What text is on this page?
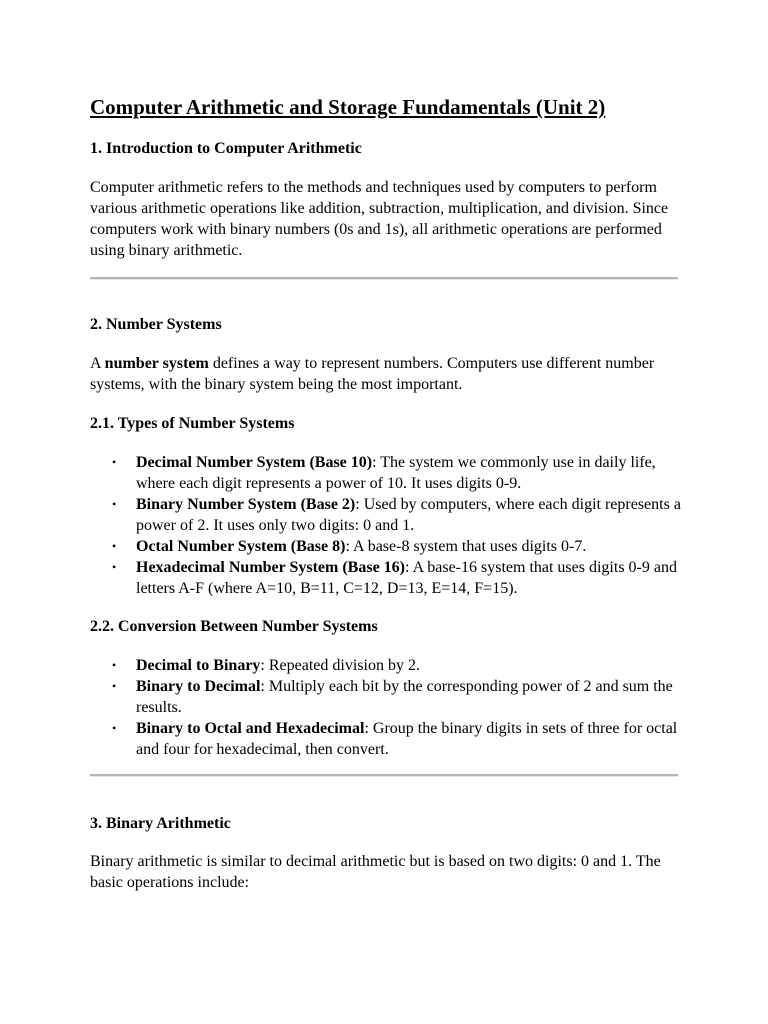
Computer Arithmetic and Storage Fundamentals (Unit 2)
1. Introduction to Computer Arithmetic

Computer arithmetic refers to the methods and techniques used by computers to perform various arithmetic operations like addition, subtraction, multiplication, and division. Since computers work with binary numbers (0s and 1s), all arithmetic operations are performed using binary arithmetic.

2. Number Systems

A number system defines a way to represent numbers. Computers use different number systems, with the binary system being the most important.

2.1. Types of Number Systems
• Decimal Number System (Base 10): The system we commonly use in daily life, where each digit represents a power of 10. It uses digits 0-9.
• Binary Number System (Base 2): Used by computers, where each digit represents a power of 2. It uses only two digits: 0 and 1.
• Octal Number System (Base 8): A base-8 system that uses digits 0-7.
• Hexadecimal Number System (Base 16): A base-16 system that uses digits 0-9 and letters A-F (where A=10, B=11, C=12, D=13, E=14, F=15).
2.2. Conversion Between Number Systems
• Decimal to Binary: Repeated division by 2.
• Binary to Decimal: Multiply each bit by the corresponding power of 2 and sum the results.
• Binary to Octal and Hexadecimal: Group the binary digits in sets of three for octal and four for hexadecimal, then convert.
3. Binary Arithmetic

Binary arithmetic is similar to decimal arithmetic but is based on two digits: 0 and 1. The basic operations include:
